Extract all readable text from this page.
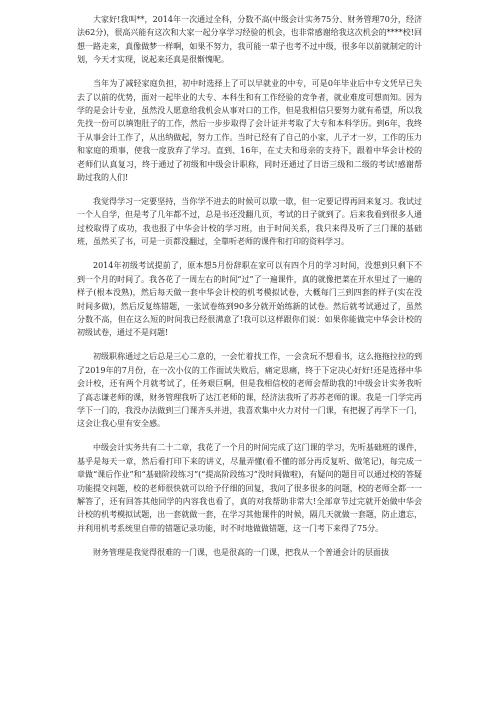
大家好!我叫**，2014年一次通过全科，分数不高(中级会计实务75分、财务管理70分，经济法62分)，很高兴能有这次和大家一起分享学习经验的机会，也非常感谢给我这次机会的****校!回想一路走来，真像做梦一样啊，如果不努力，我可能一辈子也考不过中级，很多年以前就制定的计划，今天才实现，说起来还真是很惭愧呢。

当年为了减轻家庭负担，初中时选择上了可以早就业的中专，可是0年毕业后中专文凭早已失去了以前的优势，面对一起毕业的大专、本科生和有工作经验的竞争者，就业难度可想而知。因为学的是会计专业，虽然没人愿意给我机会从事对口的工作，但是我相信只要努力就有希望，所以我先找一份可以填饱肚子的工作，然后一步步取得了会计证并考取了大专和本科学历。到6年，我终于从事会计工作了，从出纳做起，努力工作。当时已经有了自己的小家，儿子才一岁，工作的压力和家庭的琐事，使我一度放弃了学习。直到、16年，在丈夫和母亲的支持下，跟着中华会计校的老师们认真复习，终于通过了初级和中级会计职称，同时还通过了日语三级和二级的考试!感谢帮助过我的人们!

我觉得学习一定要坚持，当你学不进去的时候可以歇一歇，但一定要记得再回来复习。我试过一个人自学，但是考了几年都不过，总是书还没翻几页，考试的日子就到了。后来我看到很多人通过校取得了成功，我也报了中华会计校的学习班，由于时间关系，我只来得及听了三门课的基础班，虽然买了书，可是一页都没翻过，全靠听老师的课件和打印的资料学习。

2014年初级考试提前了，原本想5月份辞职在家可以有四个月的学习时间，没想到只剩下不到一个月的时间了。我各花了一周左右的时间“过”了一遍课件，真的就像把菜在开水里过了一遍的样子(根本没熟)，然后每天做一套中华会计校的机考模拟试卷，大概每门三到四套的样子(实在没时间多做)，然后反复练错题，一张试卷练到90多分就开始练新的试卷。然后就考试通过了，虽然分数不高，但在这么短的时间我已经很满意了!我可以这样跟你们说：如果你能做完中华会计校的初级试卷，通过不是问题!

初级职称通过之后总是三心二意的，一会忙着找工作，一会贪玩不想看书，这么拖拖拉拉的到了2019年的7月份，在一次小仪的工作面试失败后，痛定思痛，终于下定决心好好!还是选择中华会计校，还有两个月就考试了，任务艰巨啊，但是我相信校的老师会帮助我的!中级会计实务我听了高志谦老师的课，财务管理我听了达江老师的课，经济法我听了苏苏老师的课。我是一门学完再学下一门的，我没办法做到三门课齐头并进，我喜欢集中火力对付一门课，有把握了再学下一门，这会让我心里有安全感。

中级会计实务共有二十二章，我花了一个月的时间完成了这门课的学习，先听基础班的课件，基乎是每天一章，然后看打印下来的讲义，尽量弄懂(看不懂的部分再反复听、做笔记)，每完成一章做“课后作业”和“基础阶段练习”(“提高阶段练习”没时间做啦)，有疑问的题目可以通过校的答疑功能提交问题，校的老师很快就可以给予仔细的回复，我问了很多很多的问题，校的老师全都一一解答了，还有回答其他同学的内容我也看了，真的对我帮助非常大!全部章节过完就开始做中华会计校的机考模拟试题，出一套就做一套，在学习其他课件的时候，隔几天就做一套题，防止遗忘，并利用机考系统里自带的错题记录功能，时不时地做做错题，这一门考下来得了75分。

财务管理是我觉得很难的一门课，也是很高的一门课，把我从一个普通会计的层面拔
